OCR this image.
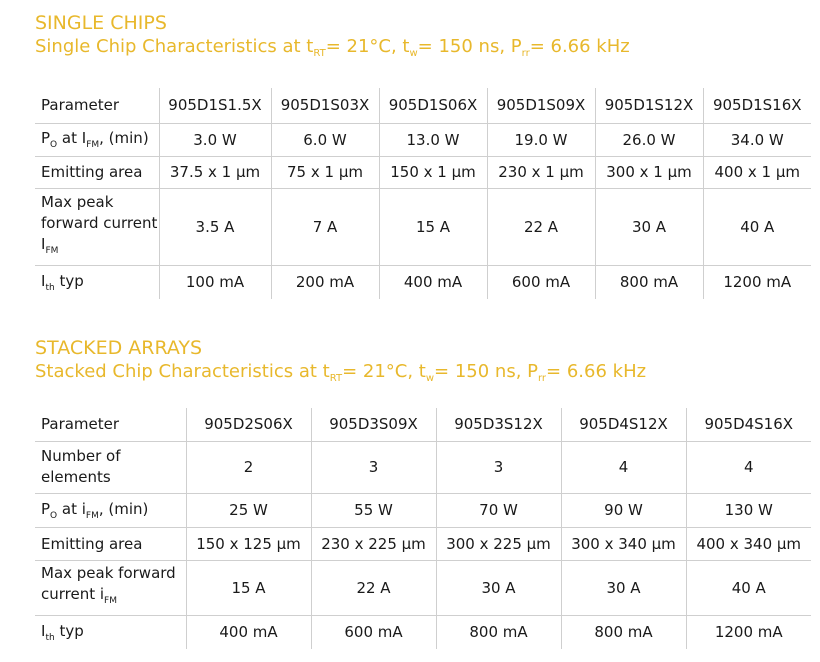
SINGLE CHIPS
Single Chip Characteristics at $t_{RT}= 21^\circ C$, $t_w= 150$ ns, $P_{rr}= 6.66$ kHz
Parameter	905D1S1.5X	905D1S03X	905D1S06X	905D1S09X	905D1S12X	905D1S16X
$P_O$ at $I_{FM}$, (min)	3.0 W	6.0 W	13.0 W	19.0 W	26.0 W	34.0 W
Emitting area	37.5 x 1 µm	75 x 1 µm	150 x 1 µm	230 x 1 µm	300 x 1 µm	400 x 1 µm
Max peak
forward current
$I_{FM}$	3.5 A	7 A	15 A	22 A	30 A	40 A
$I_{th}$ typ	100 mA	200 mA	400 mA	600 mA	800 mA	1200 mA
STACKED ARRAYS
Stacked Chip Characteristics at $t_{RT}= 21^\circ C$, $t_w= 150$ ns, $P_{rr}= 6.66$ kHz
Parameter	905D2S06X	905D3S09X	905D3S12X	905D4S12X	905D4S16X
Number of
elements	2	3	3	4	4
$P_O$ at $i_{FM}$, (min)	25 W	55 W	70 W	90 W	130 W
Emitting area	150 x 125 µm	230 x 225 µm	300 x 225 µm	300 x 340 µm	400 x 340 µm
Max peak forward
current $i_{FM}$	15 A	22 A	30 A	30 A	40 A
$I_{th}$ typ	400 mA	600 mA	800 mA	800 mA	1200 mA
